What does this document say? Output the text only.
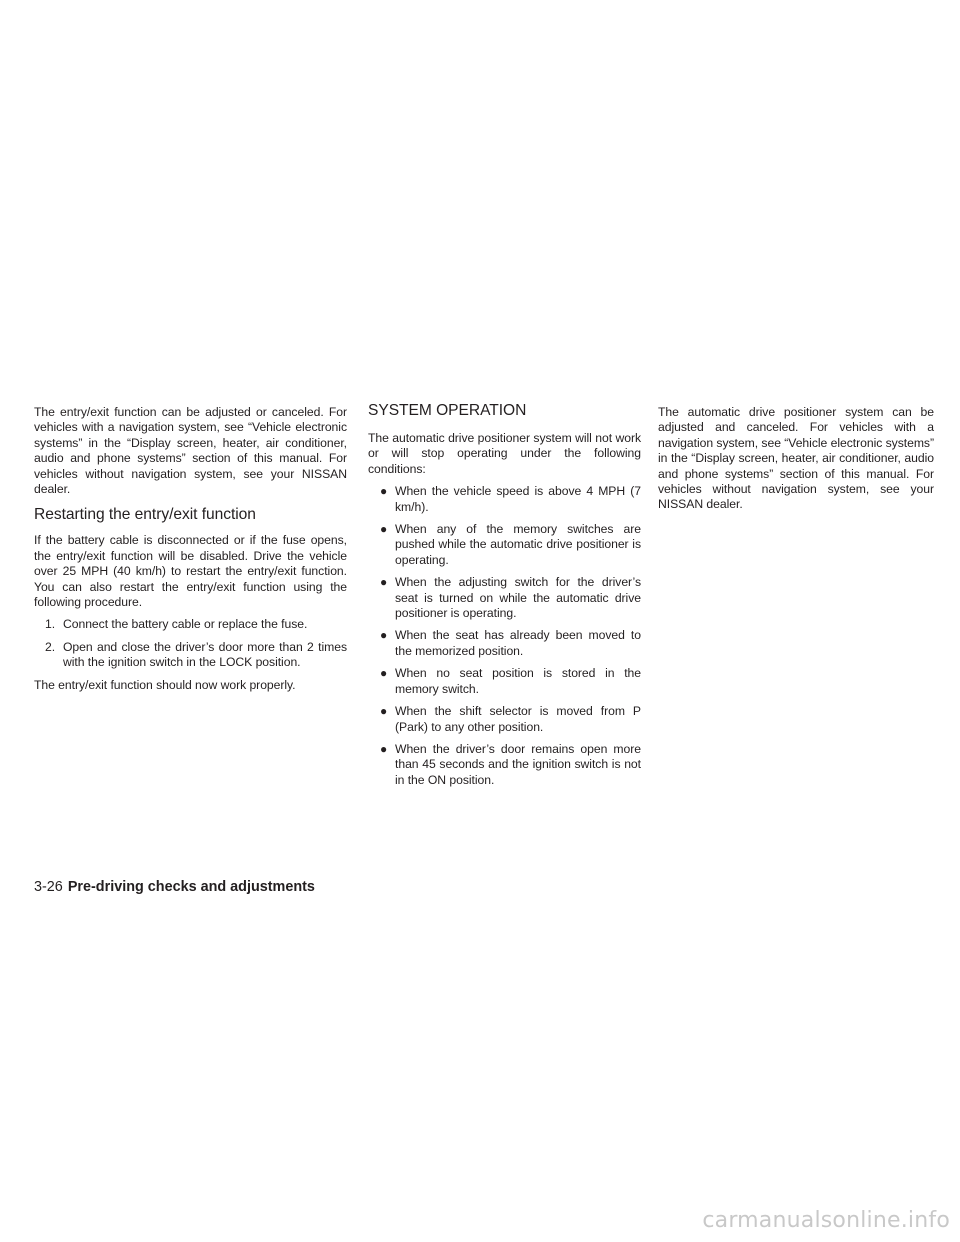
The entry/exit function can be adjusted or canceled. For vehicles with a navigation system, see “Vehicle electronic systems” in the “Display screen, heater, air conditioner, audio and phone systems” section of this manual. For vehicles without navigation system, see your NISSAN dealer.

Restarting the entry/exit function

If the battery cable is disconnected or if the fuse opens, the entry/exit function will be disabled. Drive the vehicle over 25 MPH (40 km/h) to restart the entry/exit function. You can also restart the entry/exit function using the following procedure.

1. Connect the battery cable or replace the fuse.
2. Open and close the driver’s door more than 2 times with the ignition switch in the LOCK position.

The entry/exit function should now work properly.

SYSTEM OPERATION

The automatic drive positioner system will not work or will stop operating under the following conditions:

● When the vehicle speed is above 4 MPH (7 km/h).
● When any of the memory switches are pushed while the automatic drive positioner is operating.
● When the adjusting switch for the driver’s seat is turned on while the automatic drive positioner is operating.
● When the seat has already been moved to the memorized position.
● When no seat position is stored in the memory switch.
● When the shift selector is moved from P (Park) to any other position.
● When the driver’s door remains open more than 45 seconds and the ignition switch is not in the ON position.

The automatic drive positioner system can be adjusted and canceled. For vehicles with a navigation system, see “Vehicle electronic systems” in the “Display screen, heater, air conditioner, audio and phone systems” section of this manual. For vehicles without navigation system, see your NISSAN dealer.

3-26 Pre-driving checks and adjustments
carmanualsonline.info
